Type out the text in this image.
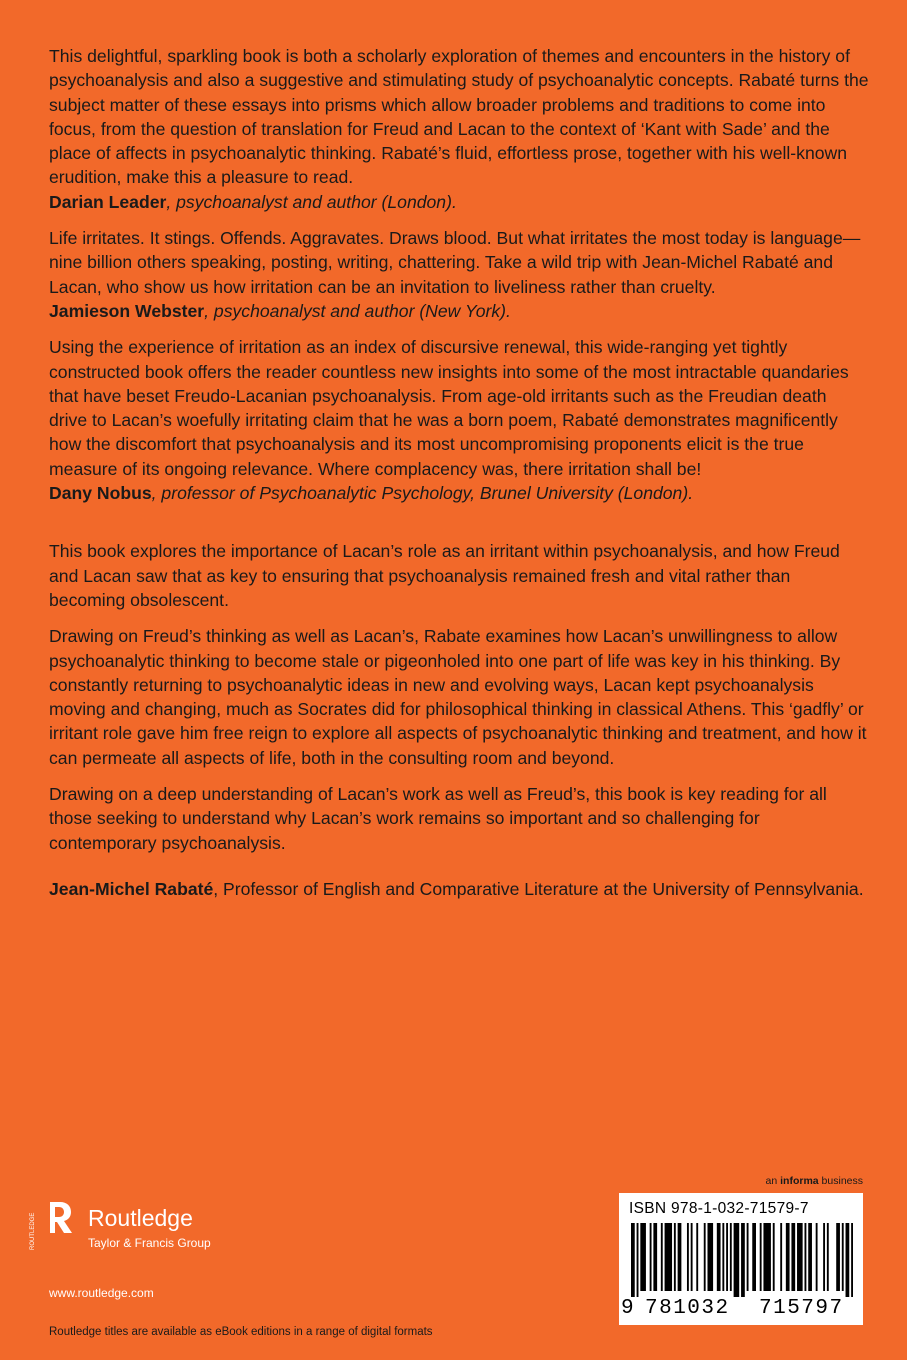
This delightful, sparkling book is both a scholarly exploration of themes and encounters in the history of psychoanalysis and also a suggestive and stimulating study of psychoanalytic concepts. Rabaté turns the subject matter of these essays into prisms which allow broader problems and traditions to come into focus, from the question of translation for Freud and Lacan to the context of ‘Kant with Sade’ and the place of affects in psychoanalytic thinking. Rabaté’s fluid, effortless prose, together with his well-known erudition, make this a pleasure to read.

Darian Leader, psychoanalyst and author (London).

Life irritates. It stings. Offends. Aggravates. Draws blood. But what irritates the most today is language—nine billion others speaking, posting, writing, chattering. Take a wild trip with Jean-Michel Rabaté and Lacan, who show us how irritation can be an invitation to liveliness rather than cruelty.

Jamieson Webster, psychoanalyst and author (New York).

Using the experience of irritation as an index of discursive renewal, this wide-ranging yet tightly constructed book offers the reader countless new insights into some of the most intractable quandaries that have beset Freudo-Lacanian psychoanalysis. From age-old irritants such as the Freudian death drive to Lacan’s woefully irritating claim that he was a born poem, Rabaté demonstrates magnificently how the discomfort that psychoanalysis and its most uncompromising proponents elicit is the true measure of its ongoing relevance. Where complacency was, there irritation shall be!

Dany Nobus, professor of Psychoanalytic Psychology, Brunel University (London).

This book explores the importance of Lacan’s role as an irritant within psychoanalysis, and how Freud and Lacan saw that as key to ensuring that psychoanalysis remained fresh and vital rather than becoming obsolescent.

Drawing on Freud’s thinking as well as Lacan’s, Rabate examines how Lacan’s unwillingness to allow psychoanalytic thinking to become stale or pigeonholed into one part of life was key in his thinking. By constantly returning to psychoanalytic ideas in new and evolving ways, Lacan kept psychoanalysis moving and changing, much as Socrates did for philosophical thinking in classical Athens. This ‘gadfly’ or irritant role gave him free reign to explore all aspects of psychoanalytic thinking and treatment, and how it can permeate all aspects of life, both in the consulting room and beyond.

Drawing on a deep understanding of Lacan’s work as well as Freud’s, this book is key reading for all those seeking to understand why Lacan’s work remains so important and so challenging for contemporary psychoanalysis.

Jean-Michel Rabaté, Professor of English and Comparative Literature at the University of Pennsylvania.

an informa business
ROUTLEDGE Routledge
Taylor & Francis Group
www.routledge.com
Routledge titles are available as eBook editions in a range of digital formats
ISBN 978-1-032-71579-7
9 781032 715797
